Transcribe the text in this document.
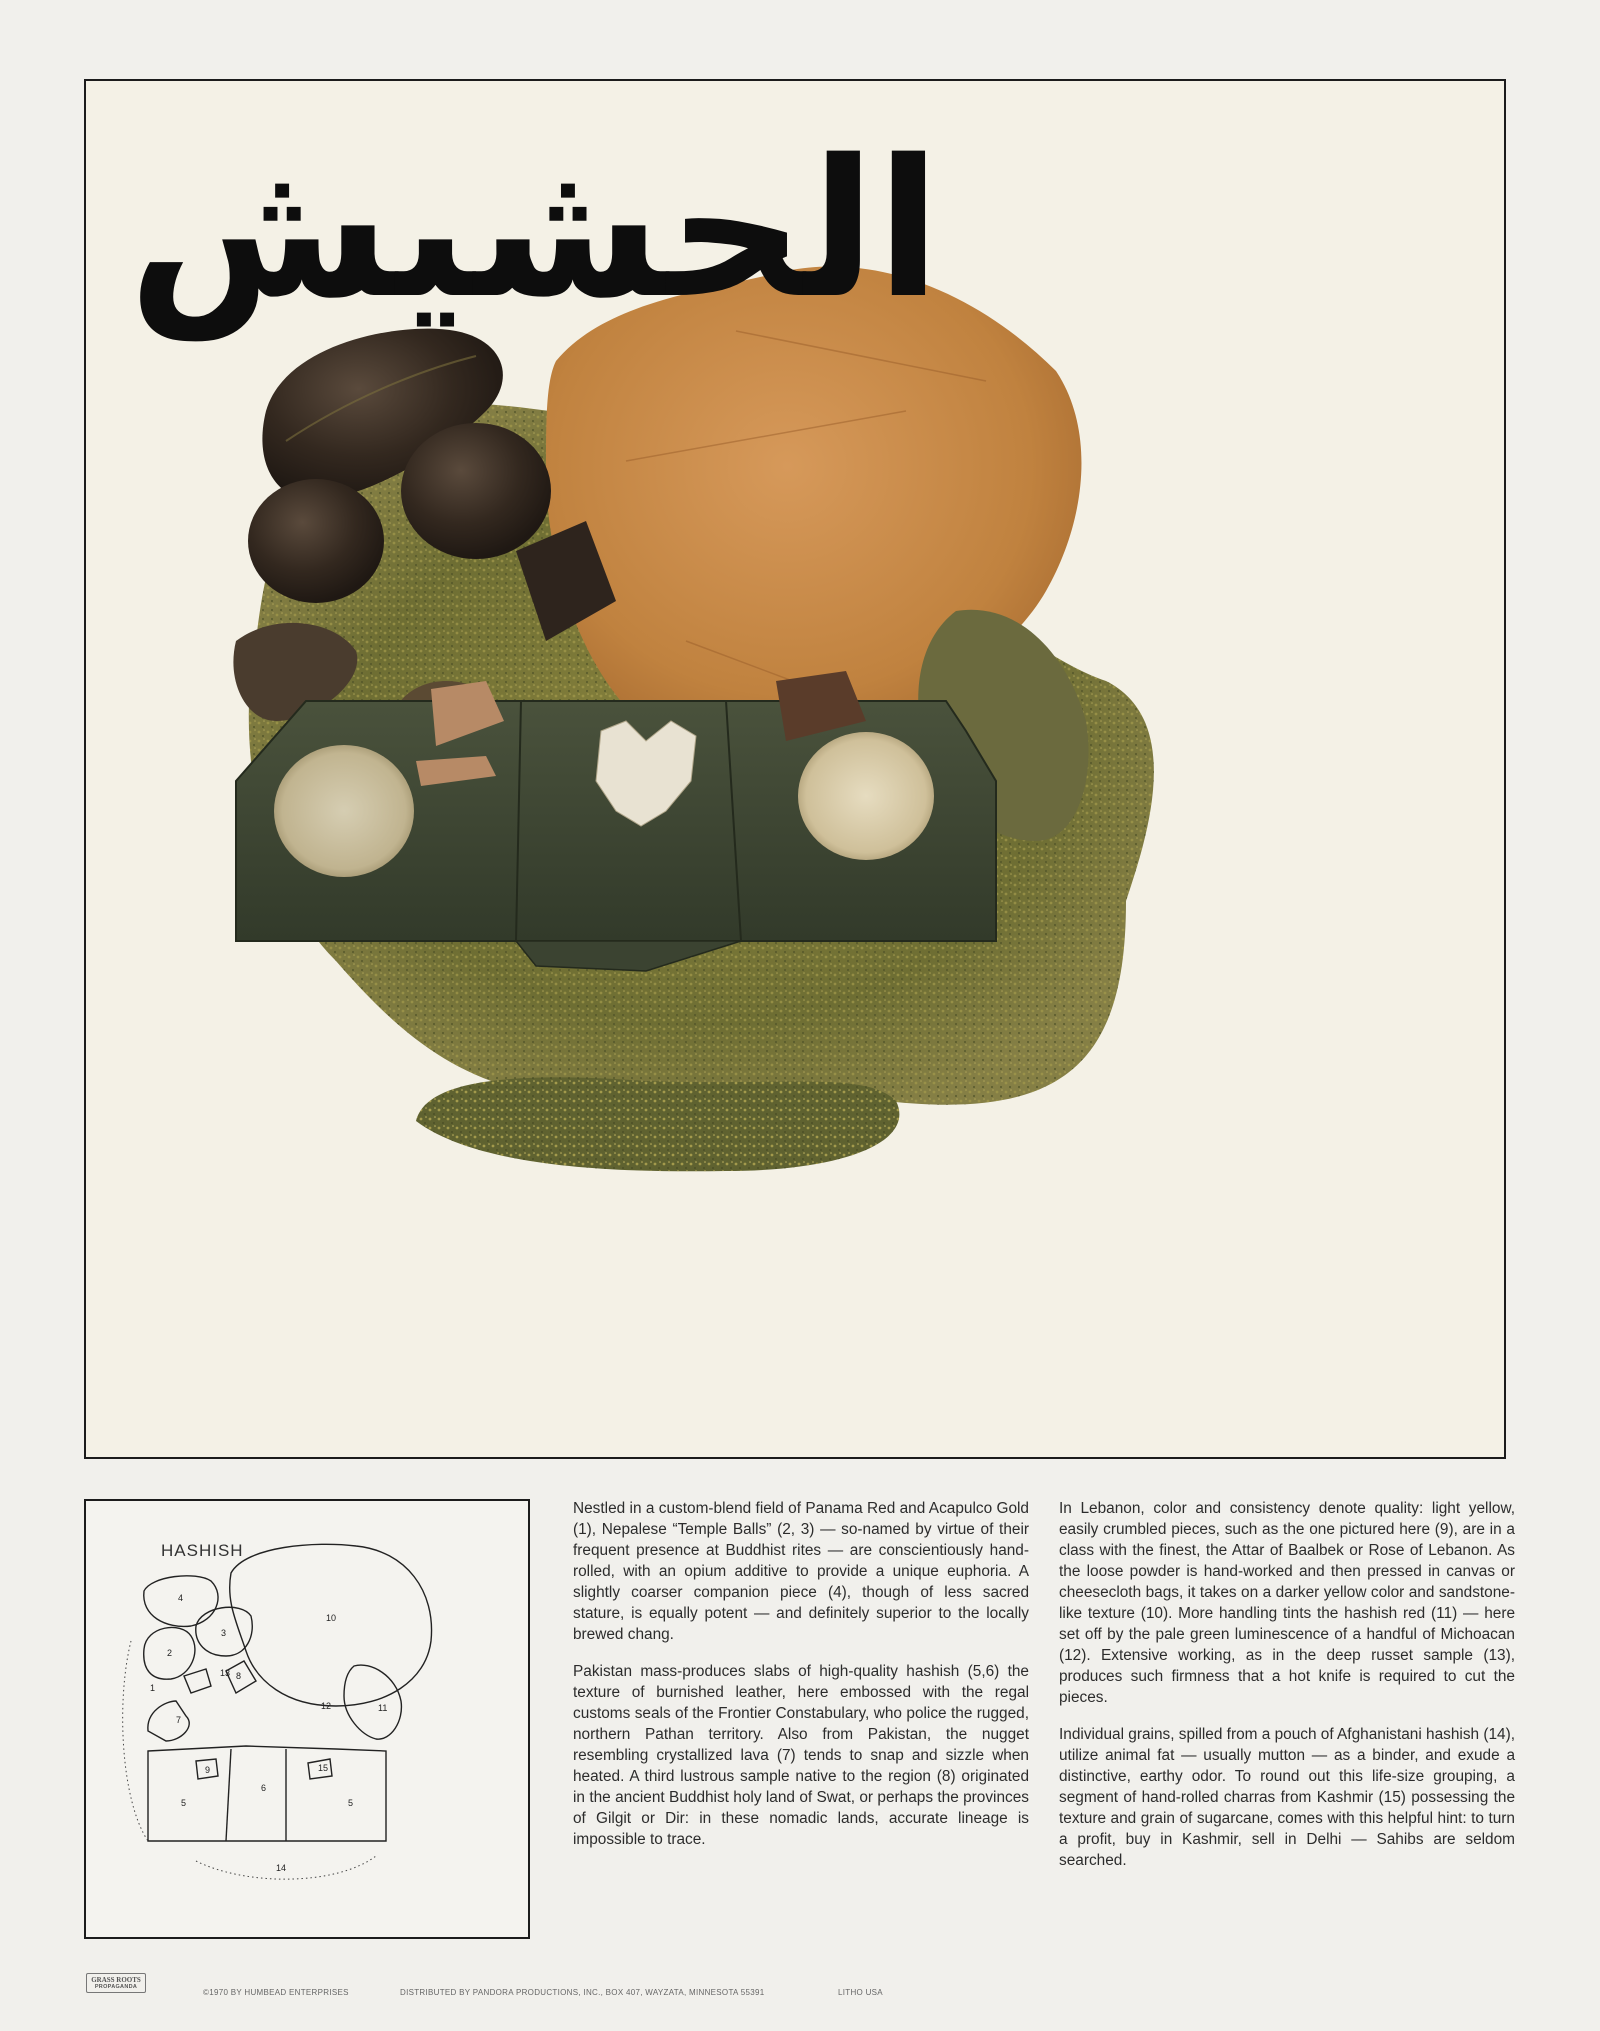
الحشيش
HASHISH
1
2
3
4
5	5
6
7
8
9
10
11
12
13
14
15

Nestled in a custom-blend field of Panama Red and Acapulco Gold (1), Nepalese “Temple Balls” (2, 3) — so-named by virtue of their frequent presence at Buddhist rites — are conscientiously hand-rolled, with an opium additive to provide a unique euphoria. A slightly coarser companion piece (4), though of less sacred stature, is equally potent — and definitely superior to the locally brewed chang.

Pakistan mass-produces slabs of high-quality hashish (5,6) the texture of burnished leather, here embossed with the regal customs seals of the Frontier Constabulary, who police the rugged, northern Pathan territory. Also from Pakistan, the nugget resembling crystallized lava (7) tends to snap and sizzle when heated. A third lustrous sample native to the region (8) originated in the ancient Buddhist holy land of Swat, or perhaps the provinces of Gilgit or Dir: in these nomadic lands, accurate lineage is impossible to trace.

In Lebanon, color and consistency denote quality: light yellow, easily crumbled pieces, such as the one pictured here (9), are in a class with the finest, the Attar of Baalbek or Rose of Lebanon. As the loose powder is hand-worked and then pressed in canvas or cheesecloth bags, it takes on a darker yellow color and sandstone-like texture (10). More handling tints the hashish red (11) — here set off by the pale green luminescence of a handful of Michoacan (12). Extensive working, as in the deep russet sample (13), produces such firmness that a hot knife is required to cut the pieces.

Individual grains, spilled from a pouch of Afghanistani hashish (14), utilize animal fat — usually mutton — as a binder, and exude a distinctive, earthy odor. To round out this life-size grouping, a segment of hand-rolled charras from Kashmir (15) possessing the texture and grain of sugarcane, comes with this helpful hint: to turn a profit, buy in Kashmir, sell in Delhi — Sahibs are seldom searched.

GRASS ROOTS
PROPAGANDA
©1970 BY HUMBEAD ENTERPRISES	DISTRIBUTED BY PANDORA PRODUCTIONS, INC., BOX 407, WAYZATA, MINNESOTA 55391	LITHO USA
